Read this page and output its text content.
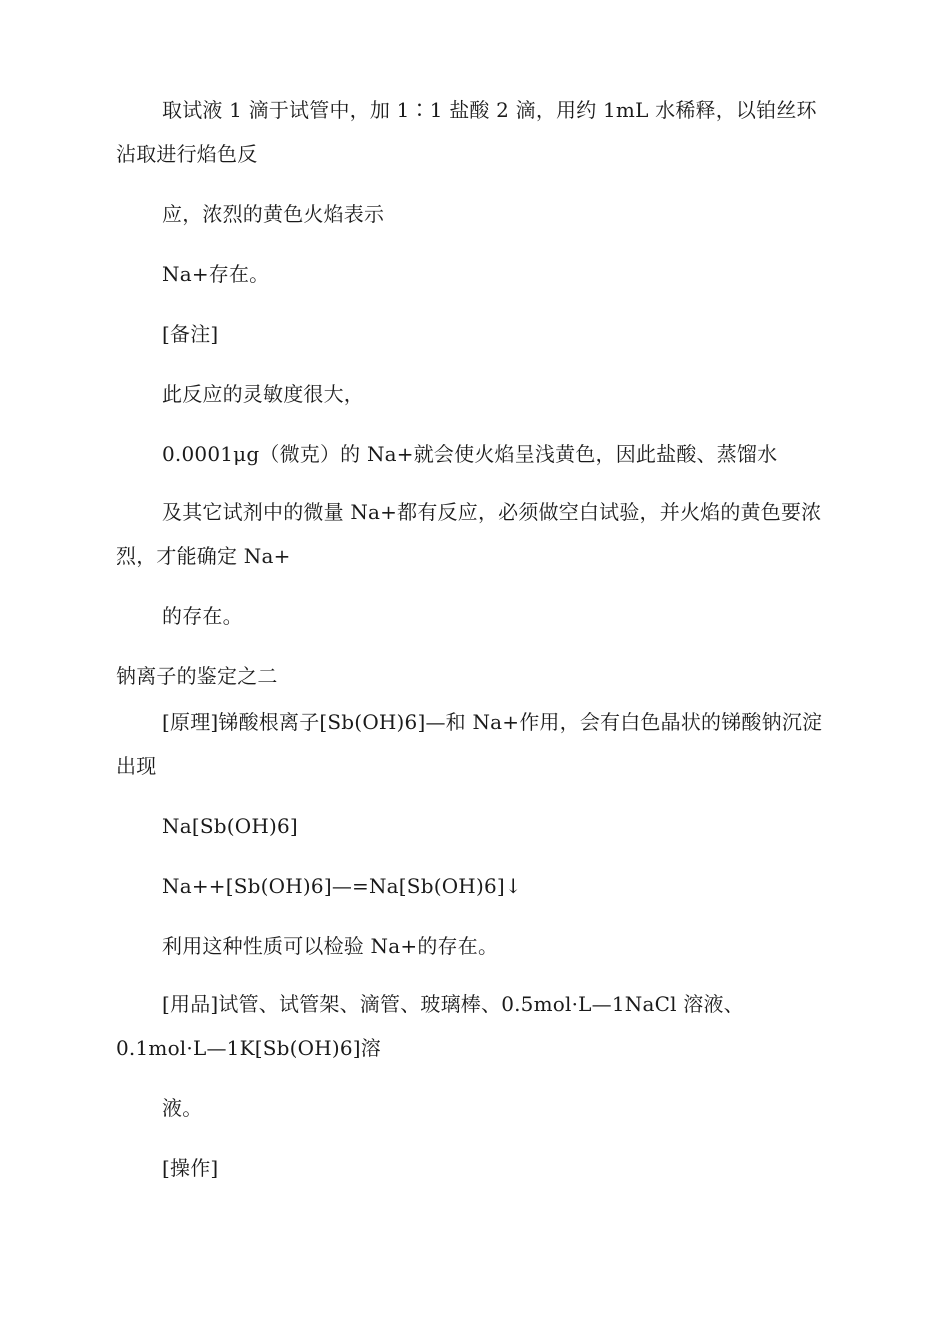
取试液 1 滴于试管中，加 1∶1 盐酸 2 滴，用约 1mL 水稀释，以铂丝环沾取进行焰色反

应，浓烈的黄色火焰表示

Na+存在。

[备注]

此反应的灵敏度很大，

0.0001μg（微克）的 Na+就会使火焰呈浅黄色，因此盐酸、蒸馏水

及其它试剂中的微量 Na+都有反应，必须做空白试验，并火焰的黄色要浓烈，才能确定 Na+

的存在。

钠离子的鉴定之二

[原理]锑酸根离子[Sb(OH)6]—和 Na+作用，会有白色晶状的锑酸钠沉淀出现

Na[Sb(OH)6]

Na++[Sb(OH)6]—=Na[Sb(OH)6]↓

利用这种性质可以检验 Na+的存在。

[用品]试管、试管架、滴管、玻璃棒、0.5mol·L—1NaCl 溶液、0.1mol·L—1K[Sb(OH)6]溶

液。

[操作]
